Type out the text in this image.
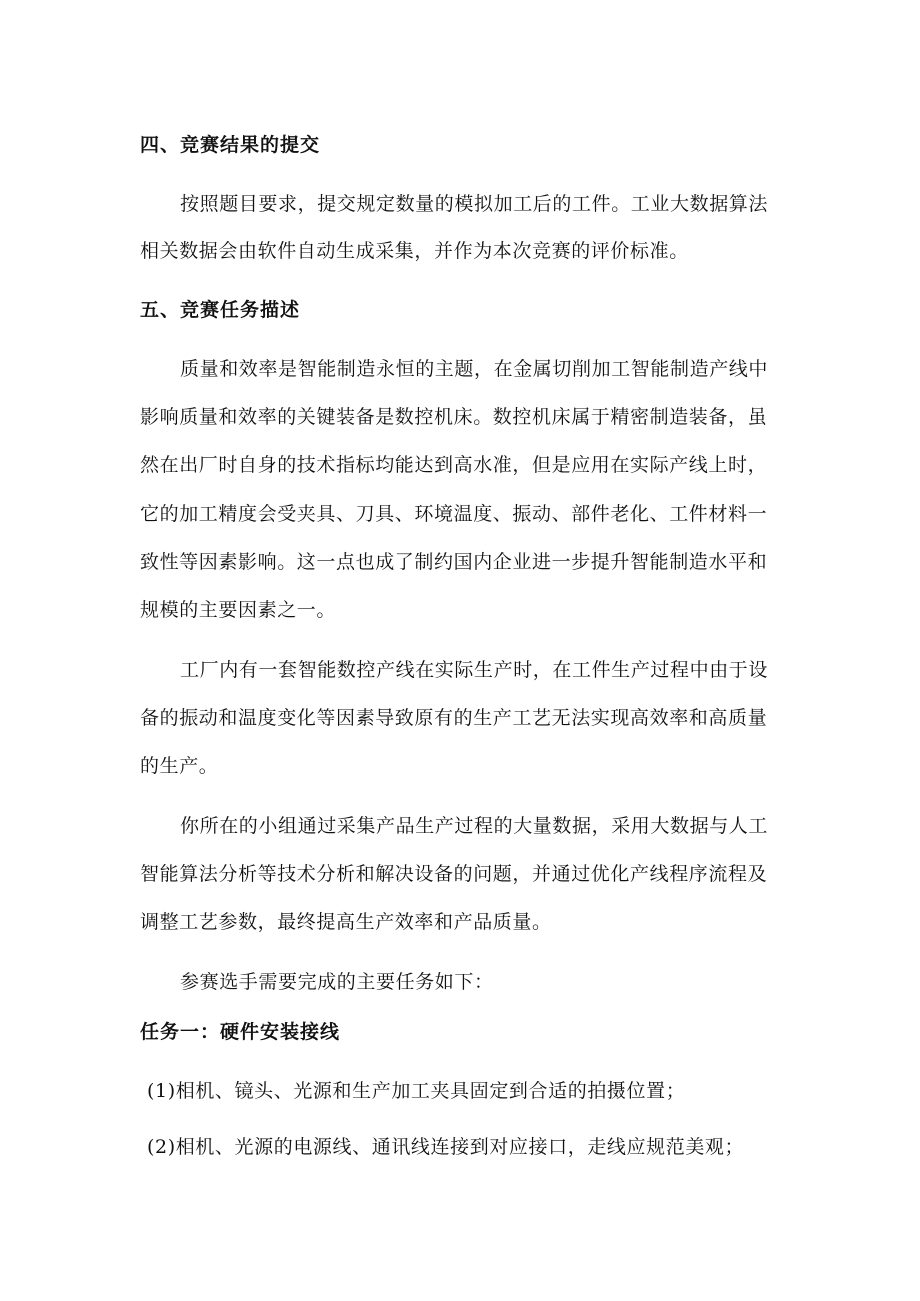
四、竞赛结果的提交
按照题目要求，提交规定数量的模拟加工后的工件。工业大数据算法
相关数据会由软件自动生成采集，并作为本次竞赛的评价标准。
五、竞赛任务描述
质量和效率是智能制造永恒的主题，在金属切削加工智能制造产线中
影响质量和效率的关键装备是数控机床。数控机床属于精密制造装备，虽
然在出厂时自身的技术指标均能达到高水准，但是应用在实际产线上时，
它的加工精度会受夹具、刀具、环境温度、振动、部件老化、工件材料一
致性等因素影响。这一点也成了制约国内企业进一步提升智能制造水平和
规模的主要因素之一。
工厂内有一套智能数控产线在实际生产时，在工件生产过程中由于设
备的振动和温度变化等因素导致原有的生产工艺无法实现高效率和高质量
的生产。
你所在的小组通过采集产品生产过程的大量数据，采用大数据与人工
智能算法分析等技术分析和解决设备的问题，并通过优化产线程序流程及
调整工艺参数，最终提高生产效率和产品质量。
参赛选手需要完成的主要任务如下：
任务一：硬件安装接线
(1)相机、镜头、光源和生产加工夹具固定到合适的拍摄位置；
(2)相机、光源的电源线、通讯线连接到对应接口，走线应规范美观；
